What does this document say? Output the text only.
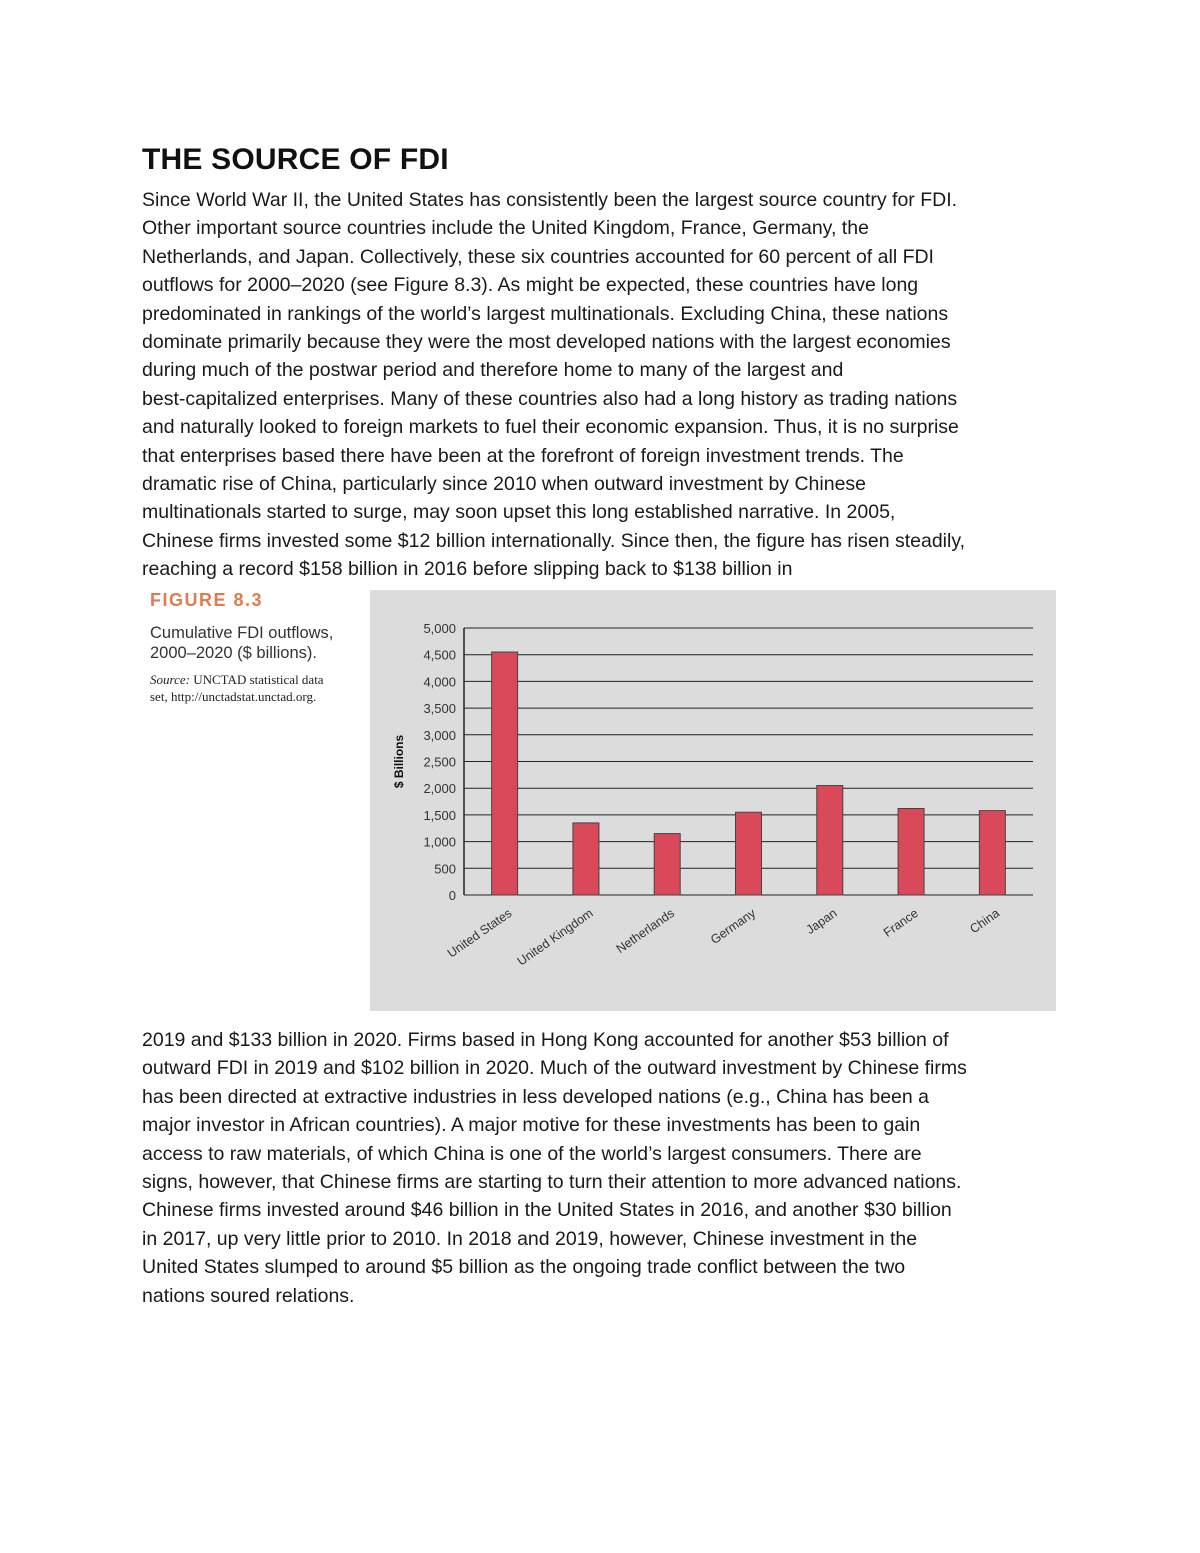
THE SOURCE OF FDI

Since World War II, the United States has consistently been the largest source country for FDI.
Other important source countries include the United Kingdom, France, Germany, the
Netherlands, and Japan. Collectively, these six countries accounted for 60 percent of all FDI
outflows for 2000–2020 (see Figure 8.3). As might be expected, these countries have long
predominated in rankings of the world’s largest multinationals. Excluding China, these nations
dominate primarily because they were the most developed nations with the largest economies
during much of the postwar period and therefore home to many of the largest and
best-capitalized enterprises. Many of these countries also had a long history as trading nations
and naturally looked to foreign markets to fuel their economic expansion. Thus, it is no surprise
that enterprises based there have been at the forefront of foreign investment trends. The
dramatic rise of China, particularly since 2010 when outward investment by Chinese
multinationals started to surge, may soon upset this long established narrative. In 2005,
Chinese firms invested some $12 billion internationally. Since then, the figure has risen steadily,
reaching a record $158 billion in 2016 before slipping back to $138 billion in

FIGURE 8.3
Cumulative FDI outflows,
2000–2020 ($ billions).
Source: UNCTAD statistical data
set, http://unctadstat.unctad.org.
0
500
1,000
1,500
2,000
2,500
3,000
3,500
4,000
4,500
5,000
$ Billions
United States United Kingdom Netherlands Germany	Japan	France	China

2019 and $133 billion in 2020. Firms based in Hong Kong accounted for another $53 billion of
outward FDI in 2019 and $102 billion in 2020. Much of the outward investment by Chinese firms
has been directed at extractive industries in less developed nations (e.g., China has been a
major investor in African countries). A major motive for these investments has been to gain
access to raw materials, of which China is one of the world’s largest consumers. There are
signs, however, that Chinese firms are starting to turn their attention to more advanced nations.
Chinese firms invested around $46 billion in the United States in 2016, and another $30 billion
in 2017, up very little prior to 2010. In 2018 and 2019, however, Chinese investment in the
United States slumped to around $5 billion as the ongoing trade conflict between the two
nations soured relations.
